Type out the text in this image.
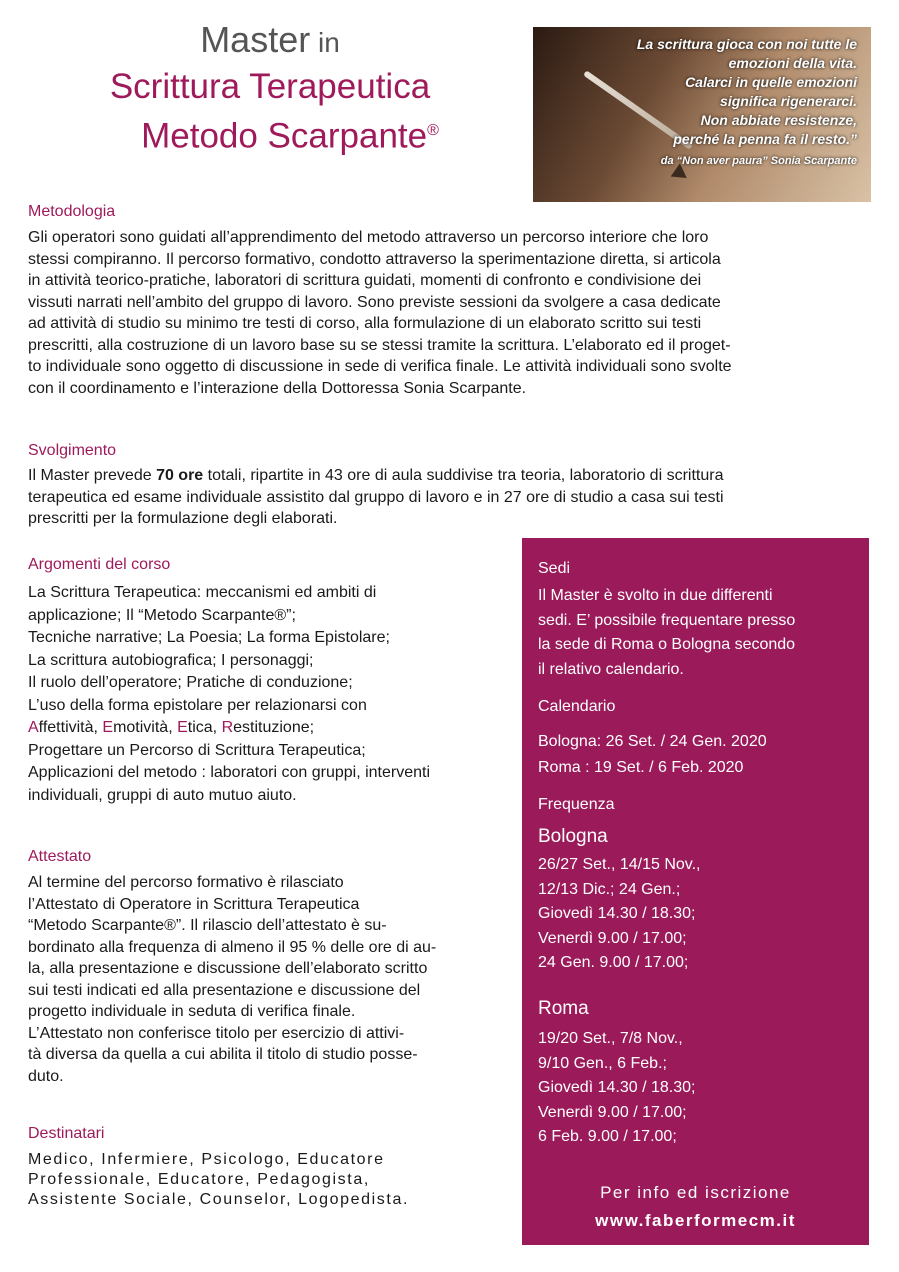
Master in
Scrittura Terapeutica
Metodo Scarpante®
La scrittura gioca con noi tutte le
emozioni della vita.
Calarci in quelle emozioni
significa rigenerarci.
Non abbiate resistenze,
perché la penna fa il resto.”
da “Non aver paura” Sonia Scarpante
Metodologia
Gli operatori sono guidati all’apprendimento del metodo attraverso un percorso interiore che loro
stessi compiranno. Il percorso formativo, condotto attraverso la sperimentazione diretta, si articola
in attività teorico-pratiche, laboratori di scrittura guidati, momenti di confronto e condivisione dei
vissuti narrati nell’ambito del gruppo di lavoro. Sono previste sessioni da svolgere a casa dedicate
ad attività di studio su minimo tre testi di corso, alla formulazione di un elaborato scritto sui testi
prescritti, alla costruzione di un lavoro base su se stessi tramite la scrittura. L’elaborato ed il proget-
to individuale sono oggetto di discussione in sede di verifica finale. Le attività individuali sono svolte
con il coordinamento e l’interazione della Dottoressa Sonia Scarpante.
Svolgimento
Il Master prevede 70 ore totali, ripartite in 43 ore di aula suddivise tra teoria, laboratorio di scrittura
terapeutica ed esame individuale assistito dal gruppo di lavoro e in 27 ore di studio a casa sui testi
prescritti per la formulazione degli elaborati.
Argomenti del corso
La Scrittura Terapeutica: meccanismi ed ambiti di
applicazione; Il “Metodo Scarpante®”;
Tecniche narrative; La Poesia; La forma Epistolare;
La scrittura autobiografica; I personaggi;
Il ruolo dell’operatore; Pratiche di conduzione;
L’uso della forma epistolare per relazionarsi con
Affettività, Emotività, Etica, Restituzione;
Progettare un Percorso di Scrittura Terapeutica;
Applicazioni del metodo : laboratori con gruppi, interventi
individuali, gruppi di auto mutuo aiuto.
Attestato
Al termine del percorso formativo è rilasciato
l’Attestato di Operatore in Scrittura Terapeutica
“Metodo Scarpante®”. Il rilascio dell’attestato è su-
bordinato alla frequenza di almeno il 95 % delle ore di au-
la, alla presentazione e discussione dell’elaborato scritto
sui testi indicati ed alla presentazione e discussione del
progetto individuale in seduta di verifica finale.
L’Attestato non conferisce titolo per esercizio di attivi-
tà diversa da quella a cui abilita il titolo di studio posse-
duto.
Destinatari
Medico, Infermiere, Psicologo, Educatore
Professionale, Educatore, Pedagogista,
Assistente Sociale, Counselor, Logopedista.
Sedi
Il Master è svolto in due differenti
sedi. E’ possibile frequentare presso
la sede di Roma o Bologna secondo
il relativo calendario.
Calendario
Bologna: 26 Set. / 24 Gen. 2020
Roma : 19 Set. / 6 Feb. 2020
Frequenza
Bologna
26/27 Set., 14/15 Nov.,
12/13 Dic.; 24 Gen.;
Giovedì 14.30 / 18.30;
Venerdì 9.00 / 17.00;
24 Gen. 9.00 / 17.00;
Roma
19/20 Set., 7/8 Nov.,
9/10 Gen., 6 Feb.;
Giovedì 14.30 / 18.30;
Venerdì 9.00 / 17.00;
6 Feb. 9.00 / 17.00;
Per info ed iscrizione
www.faberformecm.it
